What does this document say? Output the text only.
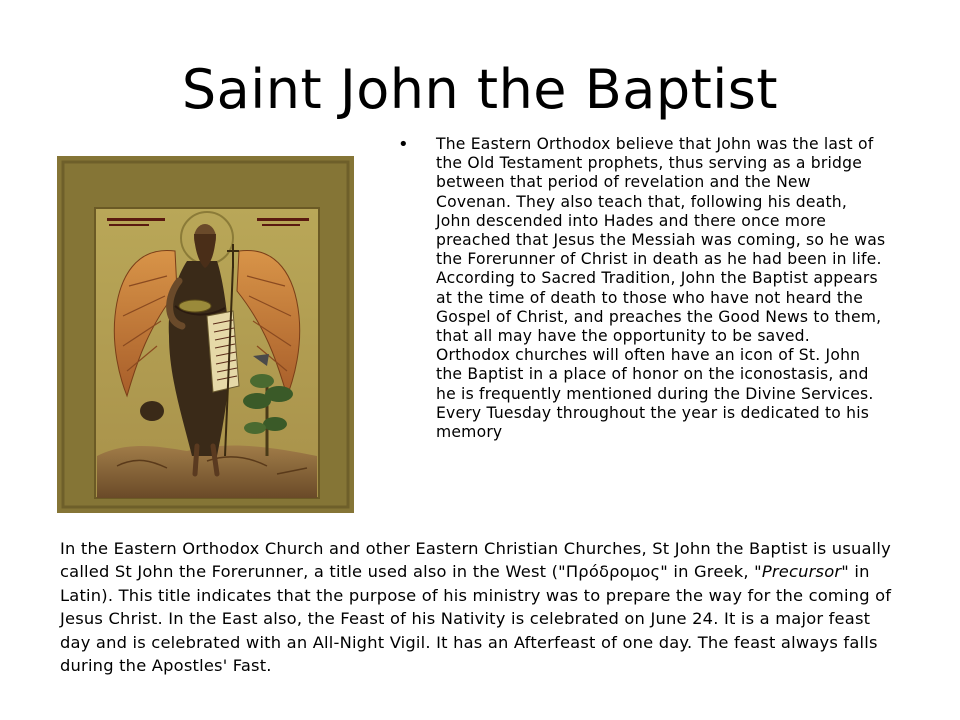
Saint John the Baptist
• The Eastern Orthodox believe that John was the last of the Old Testament prophets, thus serving as a bridge between that period of revelation and the New Covenan. They also teach that, following his death, John descended into Hades and there once more preached that Jesus the Messiah was coming, so he was the Forerunner of Christ in death as he had been in life. According to Sacred Tradition, John the Baptist appears at the time of death to those who have not heard the Gospel of Christ, and preaches the Good News to them, that all may have the opportunity to be saved. Orthodox churches will often have an icon of St. John the Baptist in a place of honor on the iconostasis, and he is frequently mentioned during the Divine Services. Every Tuesday throughout the year is dedicated to his memory

In the Eastern Orthodox Church and other Eastern Christian Churches, St John the Baptist is usually called St John the Forerunner, a title used also in the West ("Πρόδρομος" in Greek, "Precursor" in Latin). This title indicates that the purpose of his ministry was to prepare the way for the coming of Jesus Christ. In the East also, the Feast of his Nativity is celebrated on June 24. It is a major feast day and is celebrated with an All-Night Vigil. It has an Afterfeast of one day. The feast always falls during the Apostles' Fast.
